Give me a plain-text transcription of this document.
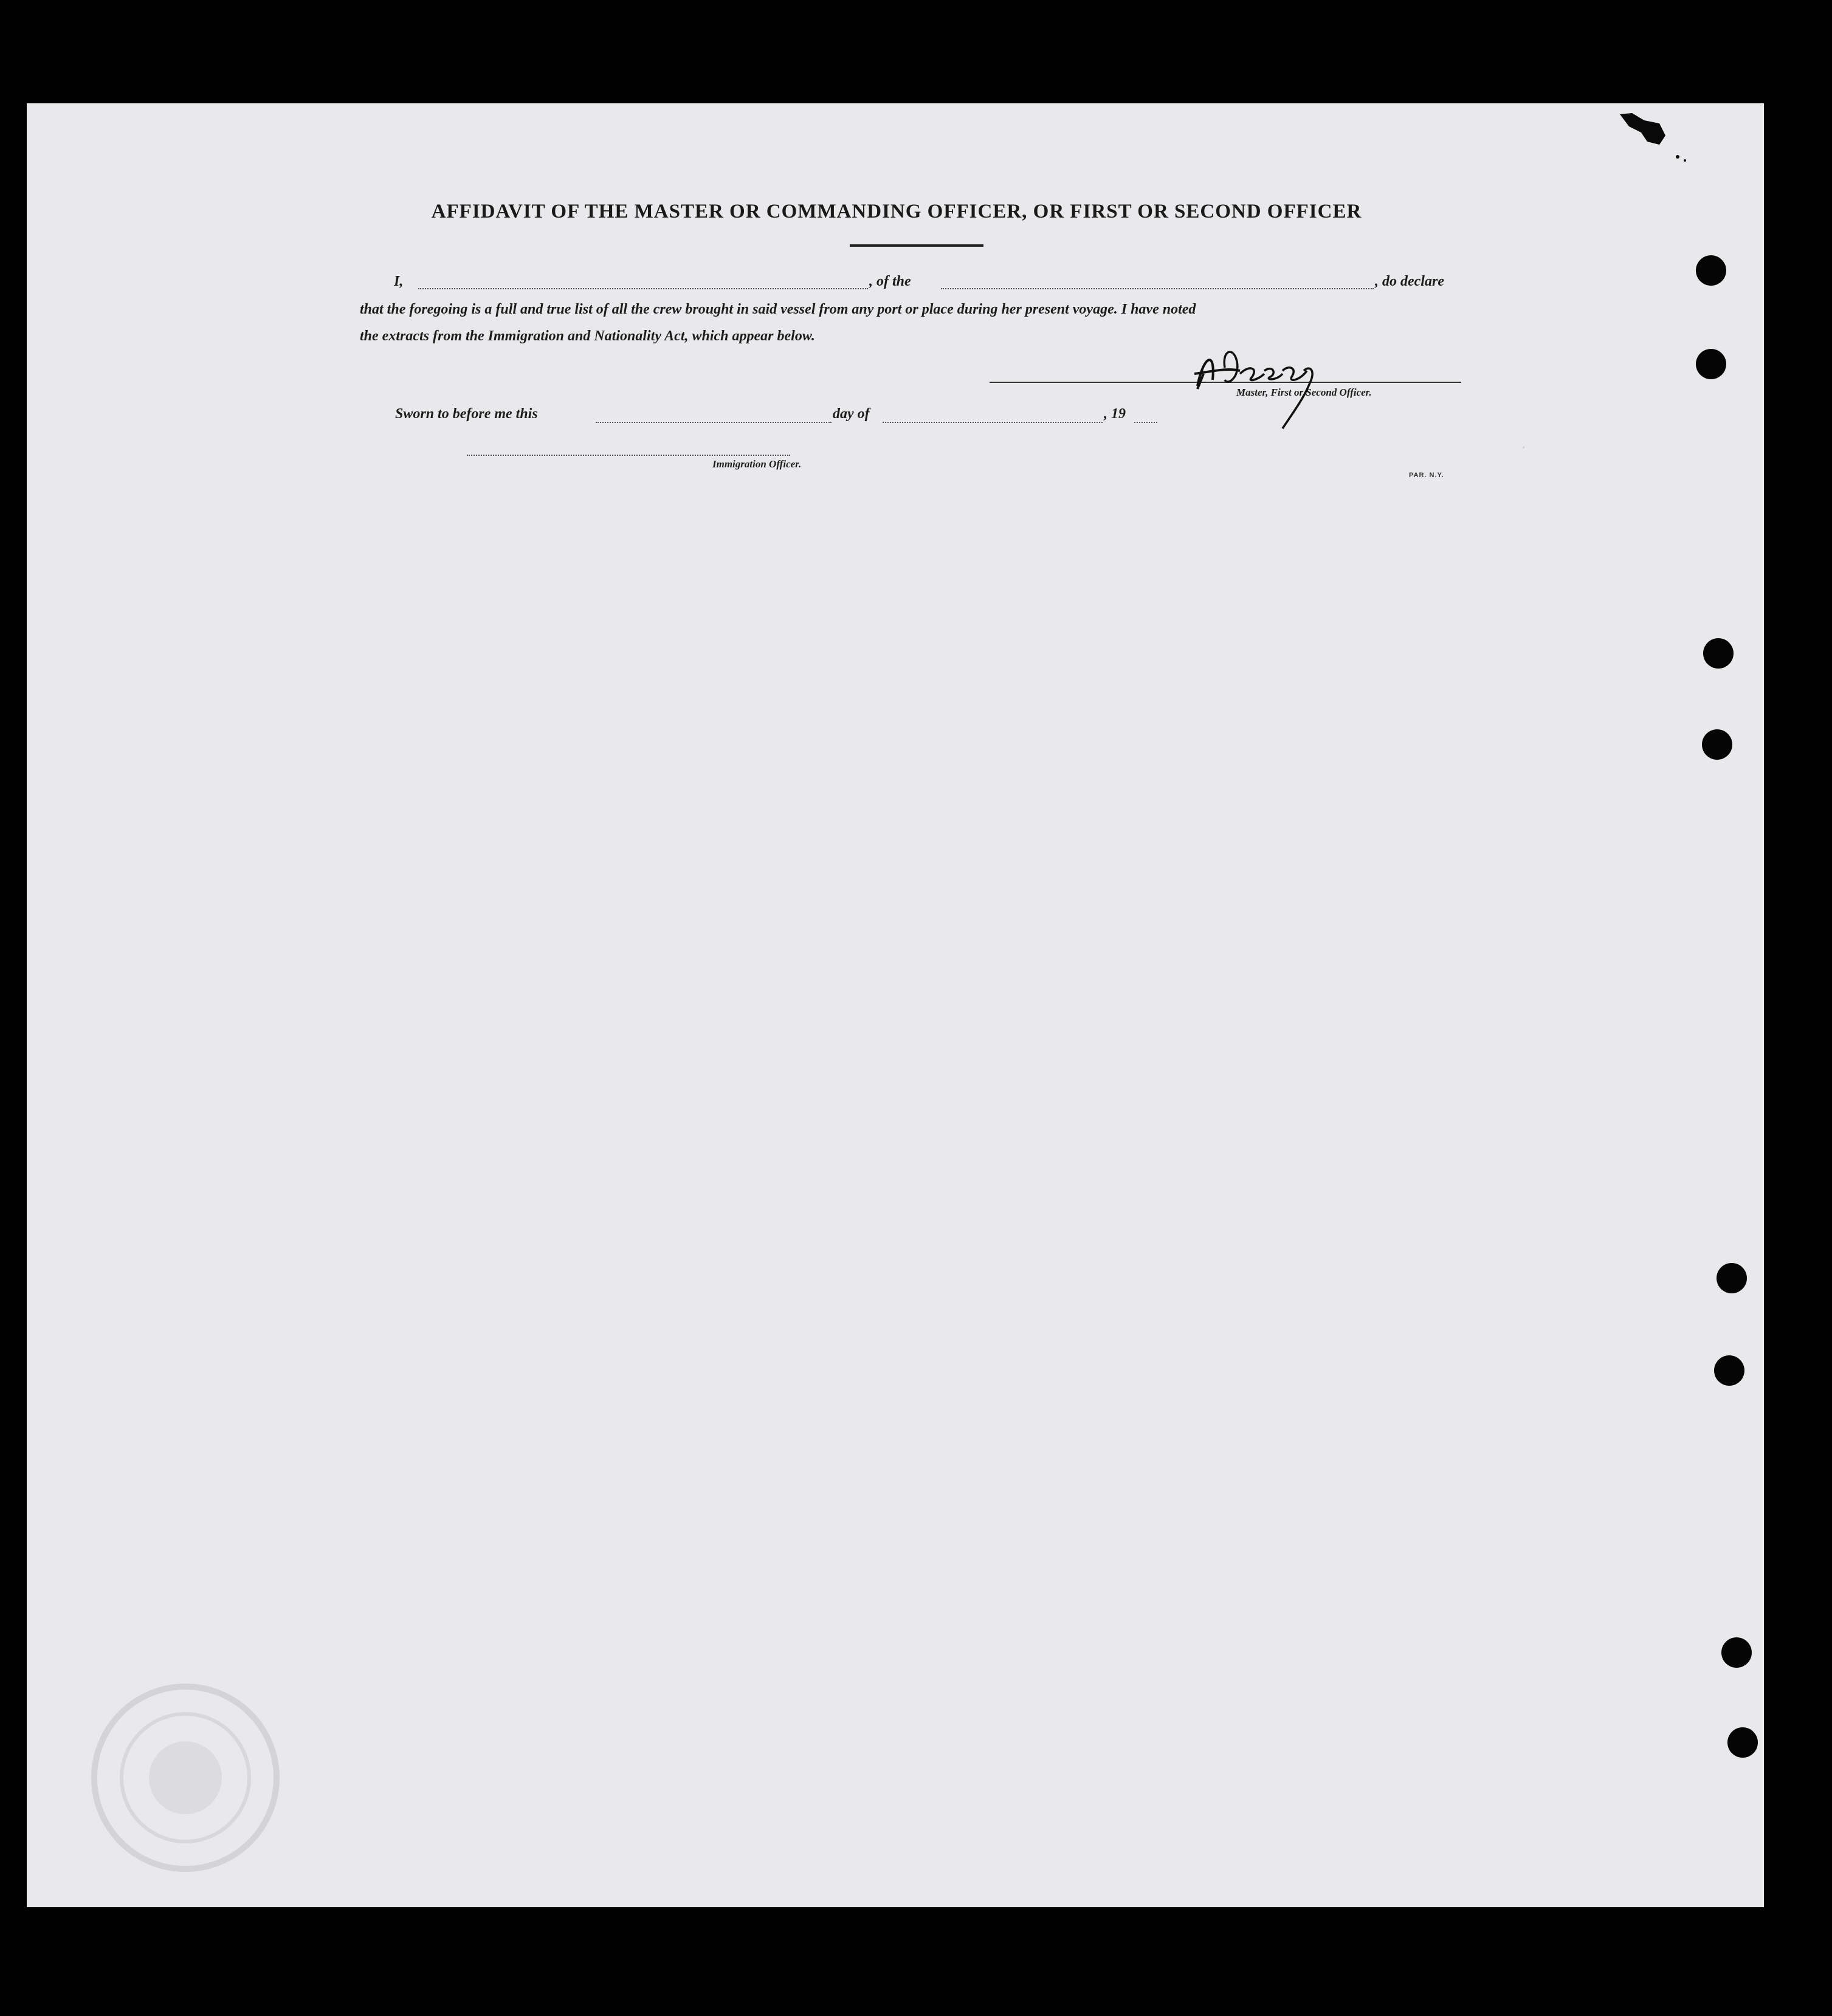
.
AFFIDAVIT OF THE MASTER OR COMMANDING OFFICER, OR FIRST OR SECOND OFFICER
I,	, of the	, do declare
that the foregoing is a full and true list of all the crew brought in said vessel from any port or place during her present voyage. I have noted
the extracts from the Immigration and Nationality Act, which appear below.
Master, First or Second Officer.
Sworn to before me this	day of	, 19
Immigration Officer.
PAR. N.Y.
